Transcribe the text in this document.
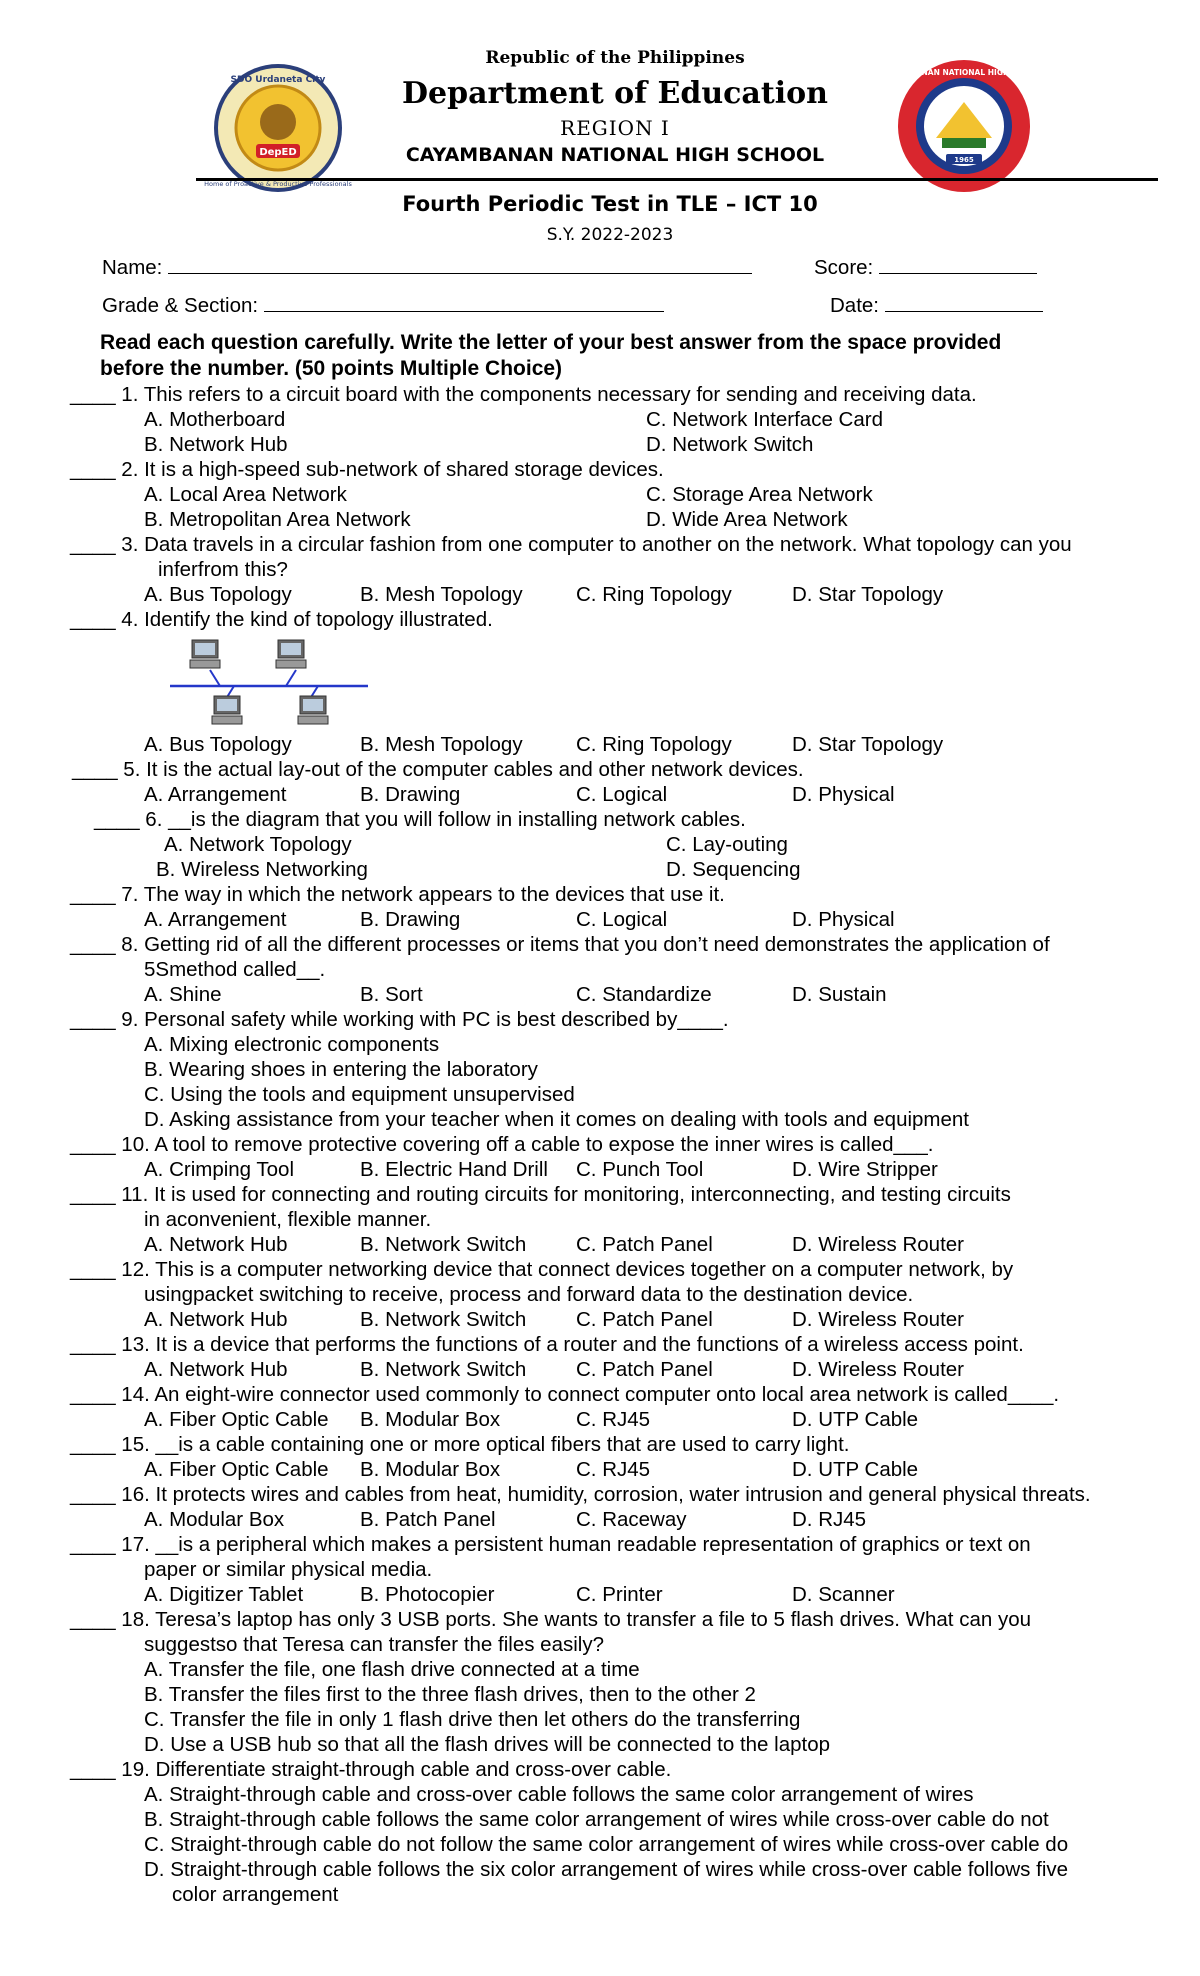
DepED
SDO Urdaneta City
Home of Proactive & Productive Professionals
1965
CAYAMBANAN NATIONAL HIGH SCHOOL
Republic of the Philippines
Department of Education
REGION I
CAYAMBANAN NATIONAL HIGH SCHOOL
Fourth Periodic Test in TLE – ICT 10
S.Y. 2022-2023
Name:	Score:
Grade & Section:	Date:
Read each question carefully. Write the letter of your best answer from the space provided
before the number. (50 points Multiple Choice)
____ 1. This refers to a circuit board with the components necessary for sending and receiving data.
A. Motherboard	C. Network Interface Card
B. Network Hub	D. Network Switch
____ 2. It is a high-speed sub-network of shared storage devices.
A. Local Area Network	C. Storage Area Network
B. Metropolitan Area Network	D. Wide Area Network
____ 3. Data travels in a circular fashion from one computer to another on the network. What topology can you
inferfrom this?
A. Bus Topology	B. Mesh Topology	C. Ring Topology	D. Star Topology
____ 4. Identify the kind of topology illustrated.
A. Bus Topology	B. Mesh Topology	C. Ring Topology	D. Star Topology
____ 5. It is the actual lay-out of the computer cables and other network devices.
A. Arrangement	B. Drawing	C. Logical	D. Physical
____ 6. __is the diagram that you will follow in installing network cables.
A. Network Topology	C. Lay-outing
B. Wireless Networking	D. Sequencing
____ 7. The way in which the network appears to the devices that use it.
A. Arrangement	B. Drawing	C. Logical	D. Physical
____ 8. Getting rid of all the different processes or items that you don’t need demonstrates the application of
5Smethod called__.
A. Shine	B. Sort	C. Standardize	D. Sustain
____ 9. Personal safety while working with PC is best described by____.
A. Mixing electronic components
B. Wearing shoes in entering the laboratory
C. Using the tools and equipment unsupervised
D. Asking assistance from your teacher when it comes on dealing with tools and equipment
____ 10. A tool to remove protective covering off a cable to expose the inner wires is called___.
A. Crimping Tool	B. Electric Hand Drill C. Punch Tool	D. Wire Stripper
____ 11. It is used for connecting and routing circuits for monitoring, interconnecting, and testing circuits
in aconvenient, flexible manner.
A. Network Hub	B. Network Switch C. Patch Panel	D. Wireless Router
____ 12. This is a computer networking device that connect devices together on a computer network, by
usingpacket switching to receive, process and forward data to the destination device.
A. Network Hub	B. Network Switch C. Patch Panel	D. Wireless Router
____ 13. It is a device that performs the functions of a router and the functions of a wireless access point.
A. Network Hub	B. Network Switch C. Patch Panel	D. Wireless Router
____ 14. An eight-wire connector used commonly to connect computer onto local area network is called____.
A. Fiber Optic Cable B. Modular Box	C. RJ45	D. UTP Cable
____ 15. __is a cable containing one or more optical fibers that are used to carry light.
A. Fiber Optic Cable B. Modular Box	C. RJ45	D. UTP Cable
____ 16. It protects wires and cables from heat, humidity, corrosion, water intrusion and general physical threats.
A. Modular Box	B. Patch Panel	C. Raceway	D. RJ45
____ 17. __is a peripheral which makes a persistent human readable representation of graphics or text on
paper or similar physical media.
A. Digitizer Tablet	B. Photocopier	C. Printer	D. Scanner
____ 18. Teresa’s laptop has only 3 USB ports. She wants to transfer a file to 5 flash drives. What can you
suggestso that Teresa can transfer the files easily?
A. Transfer the file, one flash drive connected at a time
B. Transfer the files first to the three flash drives, then to the other 2
C. Transfer the file in only 1 flash drive then let others do the transferring
D. Use a USB hub so that all the flash drives will be connected to the laptop
____ 19. Differentiate straight-through cable and cross-over cable.
A. Straight-through cable and cross-over cable follows the same color arrangement of wires
B. Straight-through cable follows the same color arrangement of wires while cross-over cable do not
C. Straight-through cable do not follow the same color arrangement of wires while cross-over cable do
D. Straight-through cable follows the six color arrangement of wires while cross-over cable follows five
color arrangement
